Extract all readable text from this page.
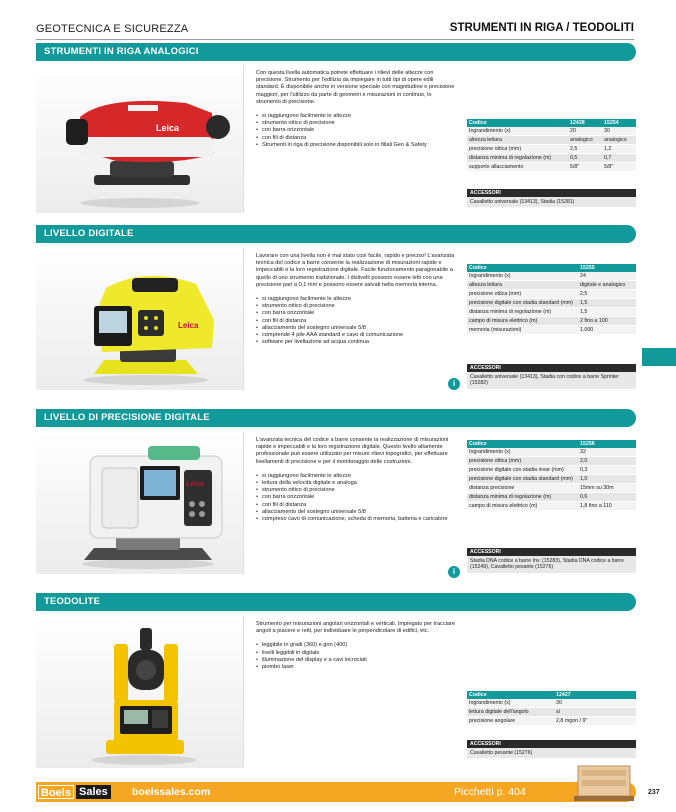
GEOTECNICA E SICUREZZA	STRUMENTI IN RIGA / TEODOLITI
STRUMENTI IN RIGA ANALOGICI
Leica

Con questa livella automatica potrete effettuare i rilievi delle altezze con precisione. Strumento per l'edilizia da impiegare in tutti tipi di opere edili standard. È disponibile anche in versione speciale con magnitudine e precisione maggiori, per l'utilizzo da parte di geometri e misurazioni in continuo, lo strumento di precisione.

• si raggiungono facilmente le altezze
• strumento ottico di precisione
• con barra orizzontale
• con fili di distanza
• Strumenti in riga di precisione disponibili solo in filiali Geo & Safety
Codice	12428	15254
Ingrandimento (x)	20	30
altezza lettura	analogico	analogico
precisione ottica (mm)	2,5	1,2
distanza minima di regolazione (m)	0,5	0,7
supporto allacciamento	5/8"	5/8"
ACCESSORI
Cavalletto universale (13413), Stadia (15281)
LIVELLO DIGITALE
Leica

Lavorare con una livella non è mai stato così facile, rapido e preciso! L'avanzata tecnica del codice a barre consente la realizzazione di misurazioni rapide e impeccabili e la loro registrazione digitale. Facile funzionamento paragonabile a quello di uno strumento tradizionale. I dislivelli possono essere letti con una precisione pari a 0,1 mm e possono essere salvati nella memoria interna.

• si raggiungono facilmente le altezze
• strumento ottico di precisione
• con barra orizzontale
• con fili di distanza
• allacciamento del sostegno universale 5/8
• comprende 4 pile AAA standard e cavo di comunicazione
• software per livellazione ad acqua continua
Codice	15255
Ingrandimento (x)	24
altezza lettura	digitale e analogico
precisione ottica (mm)	2,5
precisione digitale con stadia standard (mm)	1,5
distanza minima di regolazione (m)	1,5
campo di misura elettrico (m)	2 fino a 100
memoria (misurazioni)	1.000
ACCESSORI
Cavalletto universale (13413), Stadia con codice a barre Sprinter (15282)
i
LIVELLO DI PRECISIONE DIGITALE
Leica

L'avanzata tecnica del codice a barre consente la realizzazione di misurazioni rapide e impeccabili e la loro registrazione digitale. Questo livello altamente professionale può essere utilizzato per misure rilievi topografici, per effettuare livellamenti di precisione e per il monitoraggio delle costruzioni.

• si raggiungono facilmente le altezze
• lettura della velocità digitale e analoga
• strumento ottico di precisione
• con barra orizzontale
• con fili di distanza
• allacciamento del sostegno universale 5/8
• compreso cavo di comunicazione, scheda di memoria, batteria e caricatore
Codice	15256
Ingrandimento (x)	32
precisione ottica (mm)	2,0
precisione digitale con stadia invar (mm)	0,3
precisione digitale con stadia standard (mm)	1,0
distanza precisione	15mm su 30m
distanza minima di regolazione (m)	0,6
campo di misura elettrico (m)	1,8 fino a 110
ACCESSORI
Stadia DNA codice a barre Inv. (15283), Stadia DNA codice a barre (15249), Cavalletto pesante (15276)
i
TEODOLITE

Strumento per misurazioni angolari orizzontali e verticali. Impiegato per tracciare angoli a piacere e retti, per individuare le perpendicolare di edifici, etc.

• leggibile in gradi (360) e gon (400)
• livelli leggibili in digitale
• illuminazione del display e a cavi incrociati
• piombo laser
Codice	12427
Ingrandimento (x)	30
lettura digitale dell'angolo	sì
precisione angolare	2,8 mgon / 9"
ACCESSORI
Cavalletto pesante (15276)
Boels Sales boelssales.com	Picchetti p. 404	237
